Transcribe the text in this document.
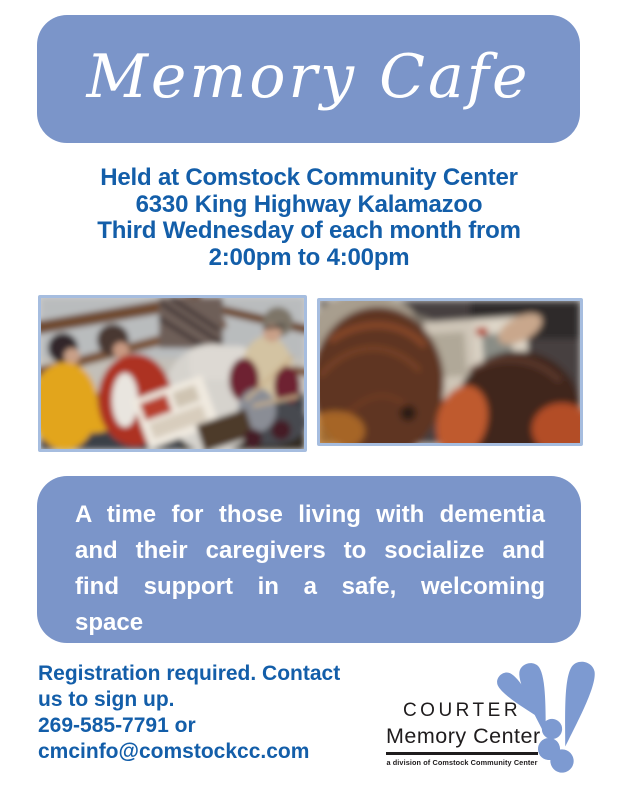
Memory Cafe
Held at Comstock Community Center
6330 King Highway Kalamazoo
Third Wednesday of each month from
2:00pm to 4:00pm
A time for those living with dementia
and their caregivers to socialize and
find support in a safe, welcoming
space
Registration required. Contact
us to sign up.
269-585-7791 or
cmcinfo@comstockcc.com
COURTER
Memory Center
a division of Comstock Community Center
